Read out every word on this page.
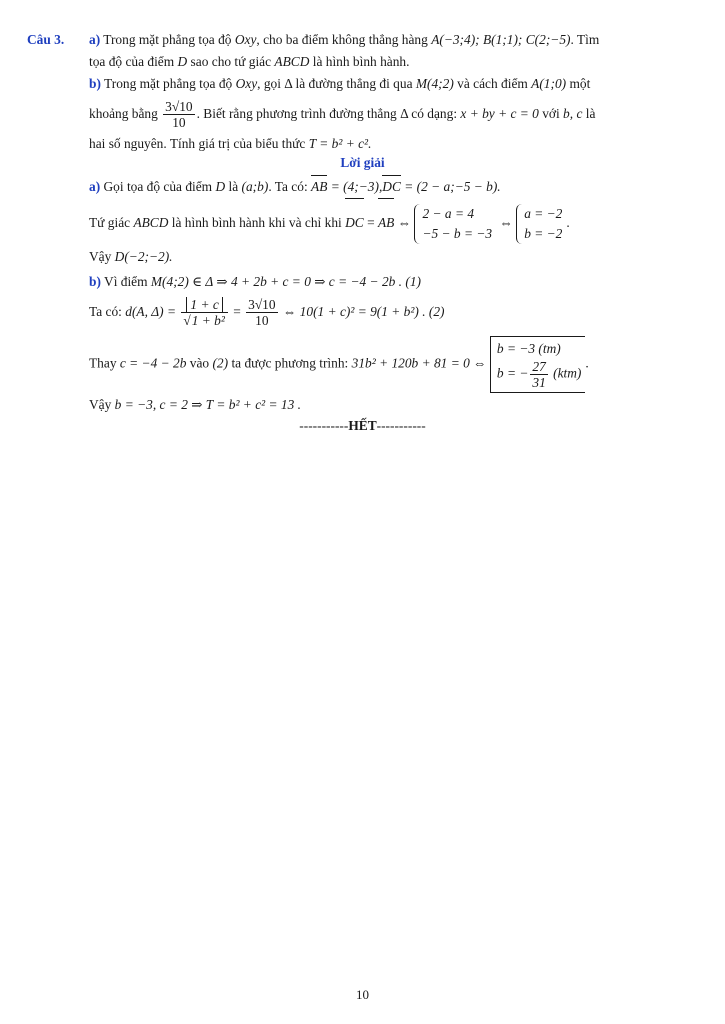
Câu 3. a) Trong mặt phẳng tọa độ Oxy, cho ba điểm không thẳng hàng A(−3;4); B(1;1); C(2;−5). Tìm
tọa độ của điểm D sao cho tứ giác ABCD là hình bình hành.
b) Trong mặt phẳng tọa độ Oxy, gọi Δ là đường thẳng đi qua M(4;2) và cách điểm A(1;0) một
khoảng bằng $\frac{3√10}{10}$ . Biết rằng phương trình đường thẳng Δ có dạng: x + by + c = 0 với b, c là
hai số nguyên. Tính giá trị của biểu thức T = b² + c².
Lời giải
a) Gọi tọa độ của điểm D là (a;b). Ta có: AB = (4;−3),DC = (2 − a;−5 − b).
Tứ giác ABCD là hình bình hành khi và chỉ khi DC = AB ⇔
2 − a = 4
−5 − b = −3
⇔
a = −2
b = −2
.
Vậy D(−2;−2).
b) Vì điểm M(4;2) ∈ Δ ⇒ 4 + 2b + c = 0 ⇒ c = −4 − 2b . (1)
Ta có: d(A, $\Delta) = \frac{1 + c}{\text{√1 + b²}} = \frac{3√10}{10}$ ⇔ 10(1 + c)² = 9(1 + b²) . (2)
Thay c = −4 − 2b vào (2) ta được phương trình: 31b² + 120b + 81 = 0 ⇔
b = −3 (tm)
b = − $\frac{27}{31} (ktm)$
.
Vậy b = −3, c = 2 ⇒ T = b² + c² = 13 .
-----------HẾT-----------
10
